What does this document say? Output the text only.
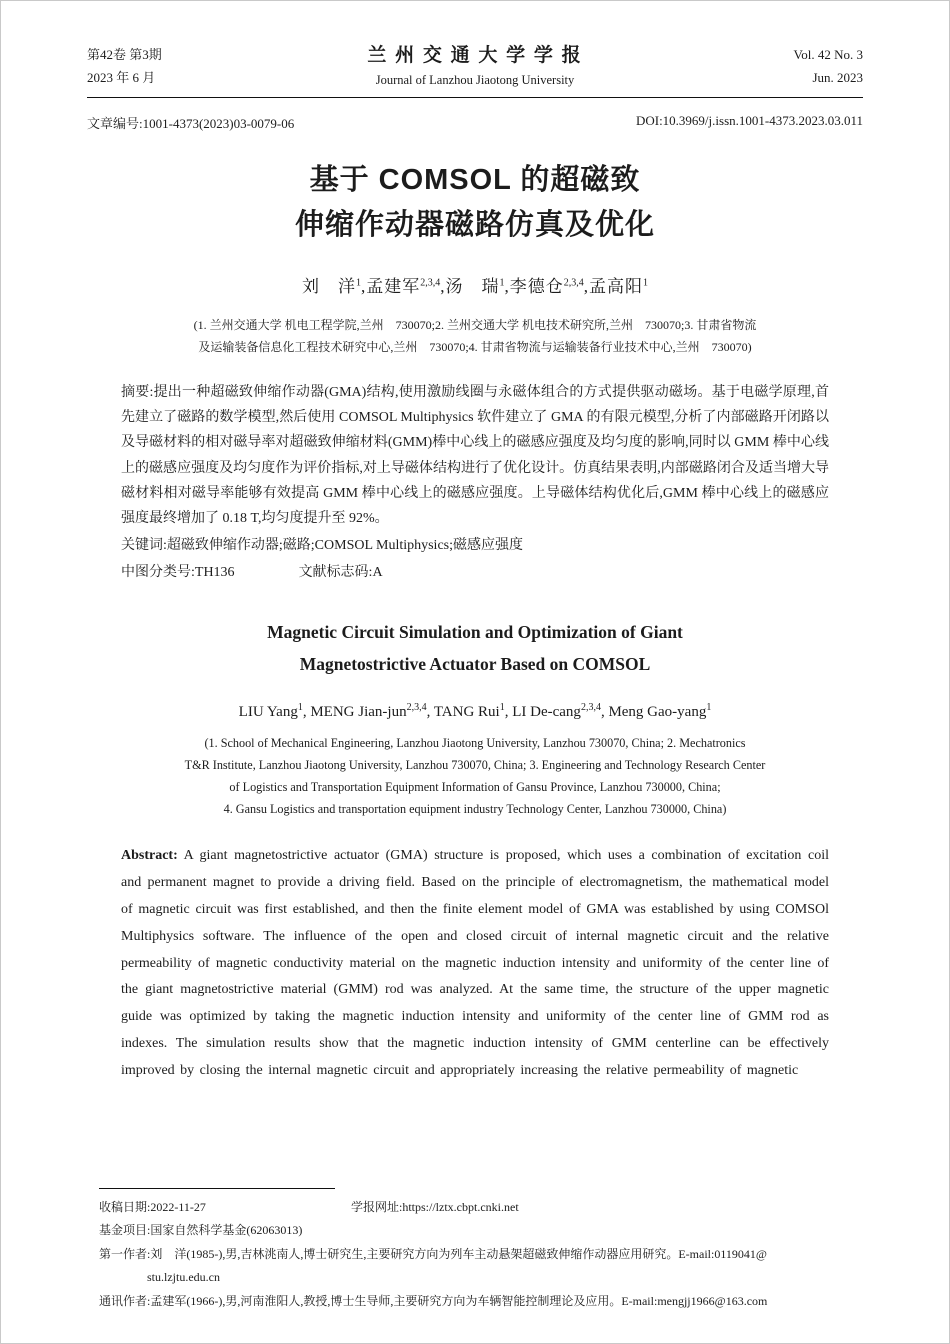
第42卷 第3期
2023 年 6 月
兰 州 交 通 大 学 学 报
Journal of Lanzhou Jiaotong University
Vol. 42 No. 3
Jun. 2023
文章编号:1001-4373(2023)03-0079-06	DOI:10.3969/j.issn.1001-4373.2023.03.011
基于 COMSOL 的超磁致
伸缩作动器磁路仿真及优化
刘　洋$^1$,孟建军$^{2,3,4}$,汤　瑞$^1$,李德仓$^{2,3,4}$,孟高阳$^1$
(1. 兰州交通大学 机电工程学院,兰州　730070;2. 兰州交通大学 机电技术研究所,兰州　730070;3. 甘肃省物流
及运输装备信息化工程技术研究中心,兰州　730070;4. 甘肃省物流与运输装备行业技术中心,兰州　730070)

摘要:提出一种超磁致伸缩作动器(GMA)结构,使用激励线圈与永磁体组合的方式提供驱动磁场。基于电磁学原理,首先建立了磁路的数学模型,然后使用 COMSOL Multiphysics 软件建立了 GMA 的有限元模型,分析了内部磁路开闭路以及导磁材料的相对磁导率对超磁致伸缩材料(GMM)棒中心线上的磁感应强度及均匀度的影响,同时以 GMM 棒中心线上的磁感应强度及均匀度作为评价指标,对上导磁体结构进行了优化设计。仿真结果表明,内部磁路闭合及适当增大导磁材料相对磁导率能够有效提高 GMM 棒中心线上的磁感应强度。上导磁体结构优化后,GMM 棒中心线上的磁感应强度最终增加了 0.18 T,均匀度提升至 92%。

关键词:超磁致伸缩作动器;磁路;COMSOL Multiphysics;磁感应强度

中图分类号:TH136	文献标志码:A

Magnetic Circuit Simulation and Optimization of Giant
Magnetostrictive Actuator Based on COMSOL
LIU Yang$^1$, MENG Jian-jun$^{2,3,4}$, TANG Rui$^1$, LI De-cang$^{2,3,4}$, Meng Gao-yang$^1$
(1. School of Mechanical Engineering, Lanzhou Jiaotong University, Lanzhou 730070, China; 2. Mechatronics
T&R Institute, Lanzhou Jiaotong University, Lanzhou 730070, China; 3. Engineering and Technology Research Center
of Logistics and Transportation Equipment Information of Gansu Province, Lanzhou 730000, China;
4. Gansu Logistics and transportation equipment industry Technology Center, Lanzhou 730000, China)

Abstract: A giant magnetostrictive actuator (GMA) structure is proposed, which uses a combination of excitation coil and permanent magnet to provide a driving field. Based on the principle of electromagnetism, the mathematical model of magnetic circuit was first established, and then the finite element model of GMA was established by using COMSOl Multiphysics software. The influence of the open and closed circuit of internal magnetic circuit and the relative permeability of magnetic conductivity material on the magnetic induction intensity and uniformity of the center line of the giant magnetostrictive material (GMM) rod was analyzed. At the same time, the structure of the upper magnetic guide was optimized by taking the magnetic induction intensity and uniformity of the center line of GMM rod as indexes. The simulation results show that the magnetic induction intensity of GMM centerline can be effectively improved by closing the internal magnetic circuit and appropriately increasing the relative permeability of magnetic

收稿日期:2022-11-27	学报网址:https://lztx.cbpt.cnki.net
基金项目:国家自然科学基金(62063013)
第一作者:刘　洋(1985-),男,吉林洮南人,博士研究生,主要研究方向为列车主动悬架超磁致伸缩作动器应用研究。E-mail:0119041@
stu.lzjtu.edu.cn
通讯作者:孟建军(1966-),男,河南淮阳人,教授,博士生导师,主要研究方向为车辆智能控制理论及应用。E-mail:mengjj1966@163.com
